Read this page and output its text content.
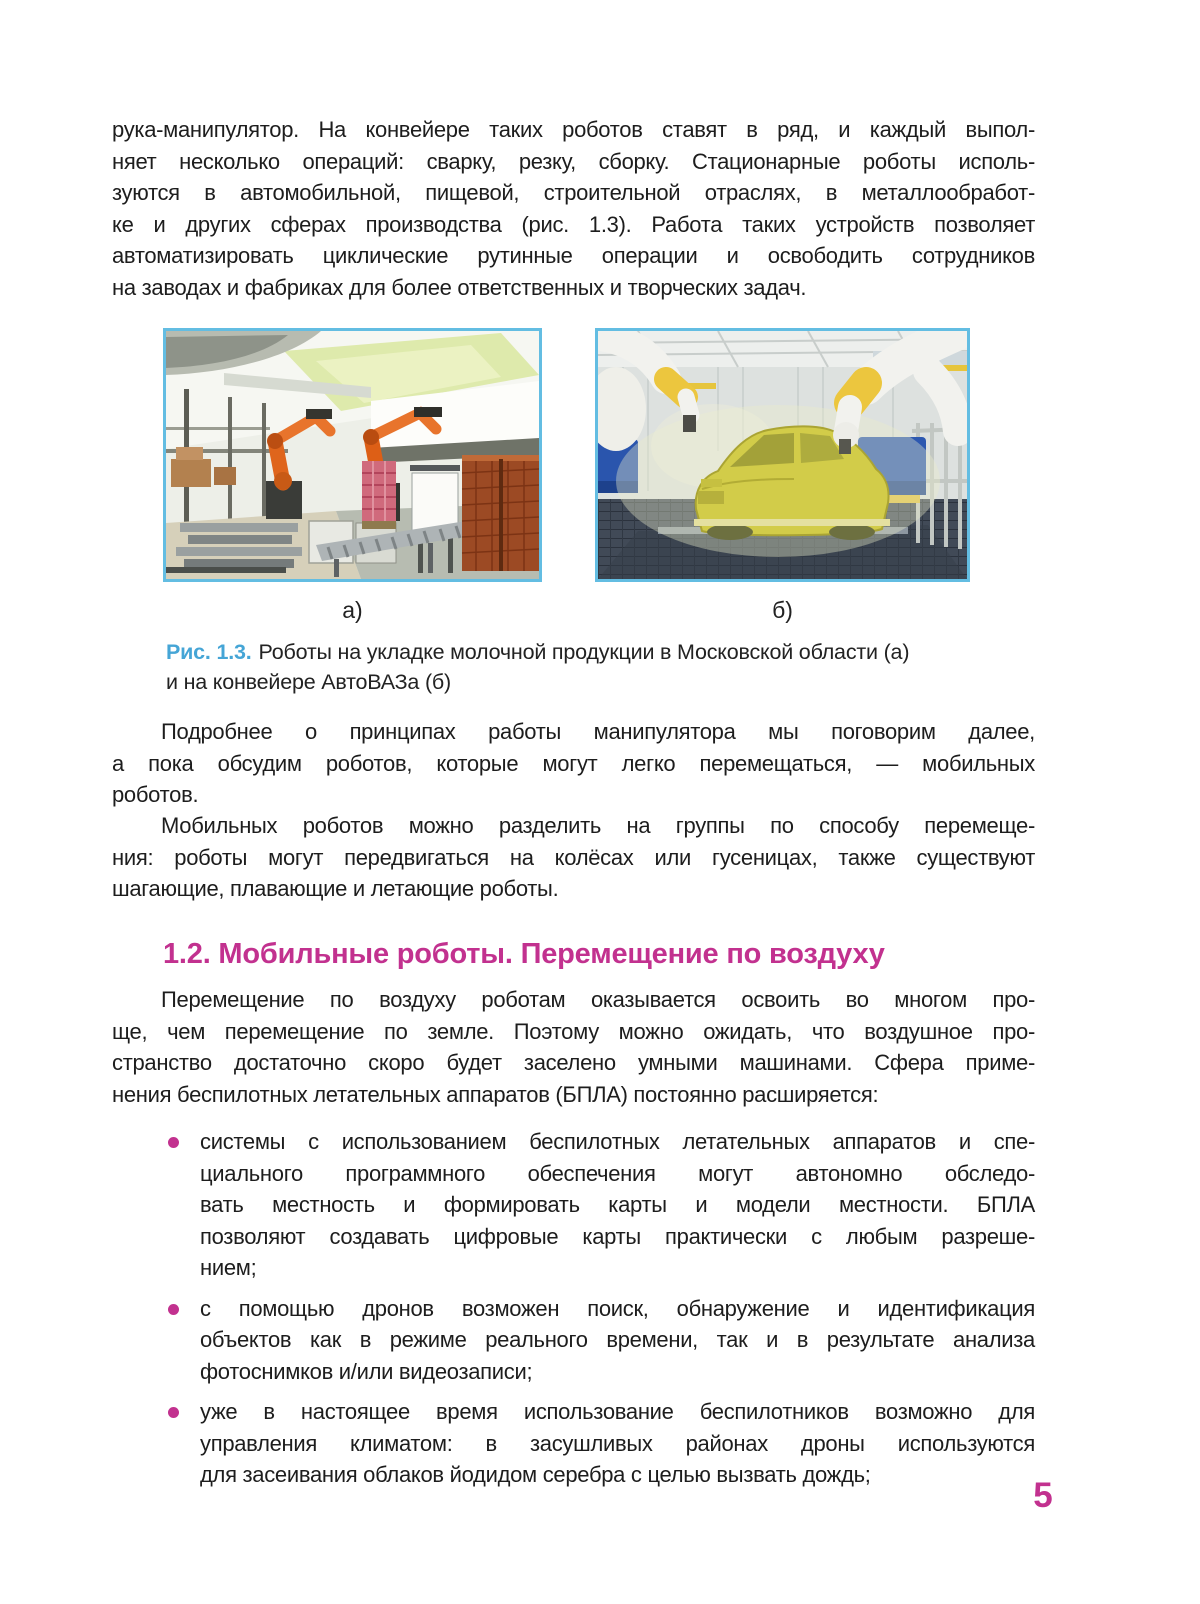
рука-манипулятор. На конвейере таких роботов ставят в ряд, и каждый выпол-
няет несколько операций: сварку, резку, сборку. Стационарные роботы исполь-
зуются в автомобильной, пищевой, строительной отраслях, в металлообработ-
ке и других сферах производства (рис. 1.3). Работа таких устройств позволяет
автоматизировать циклические рутинные операции и освободить сотрудников
на заводах и фабриках для более ответственных и творческих задач.
а)	б)
Рис. 1.3. Роботы на укладке молочной продукции в Московской области (а)
и на конвейере АвтоВАЗа (б)
Подробнее о принципах работы манипулятора мы поговорим далее,
а пока обсудим роботов, которые могут легко перемещаться, — мобильных
роботов.
Мобильных роботов можно разделить на группы по способу перемеще-
ния: роботы могут передвигаться на колёсах или гусеницах, также существуют
шагающие, плавающие и летающие роботы.
1.2. Мобильные роботы. Перемещение по воздуху
Перемещение по воздуху роботам оказывается освоить во многом про-
ще, чем перемещение по земле. Поэтому можно ожидать, что воздушное про-
странство достаточно скоро будет заселено умными машинами. Сфера приме-
нения беспилотных летательных аппаратов (БПЛА) постоянно расширяется:
системы с использованием беспилотных летательных аппаратов и спе-
циального программного обеспечения могут автономно обследо-
вать местность и формировать карты и модели местности. БПЛА
позволяют создавать цифровые карты практически с любым разреше-
нием;
с помощью дронов возможен поиск, обнаружение и идентификация
объектов как в режиме реального времени, так и в результате анализа
фотоснимков и/или видеозаписи;
уже в настоящее время использование беспилотников возможно для
управления климатом: в засушливых районах дроны используются
для засеивания облаков йодидом серебра с целью вызвать дождь;
5
